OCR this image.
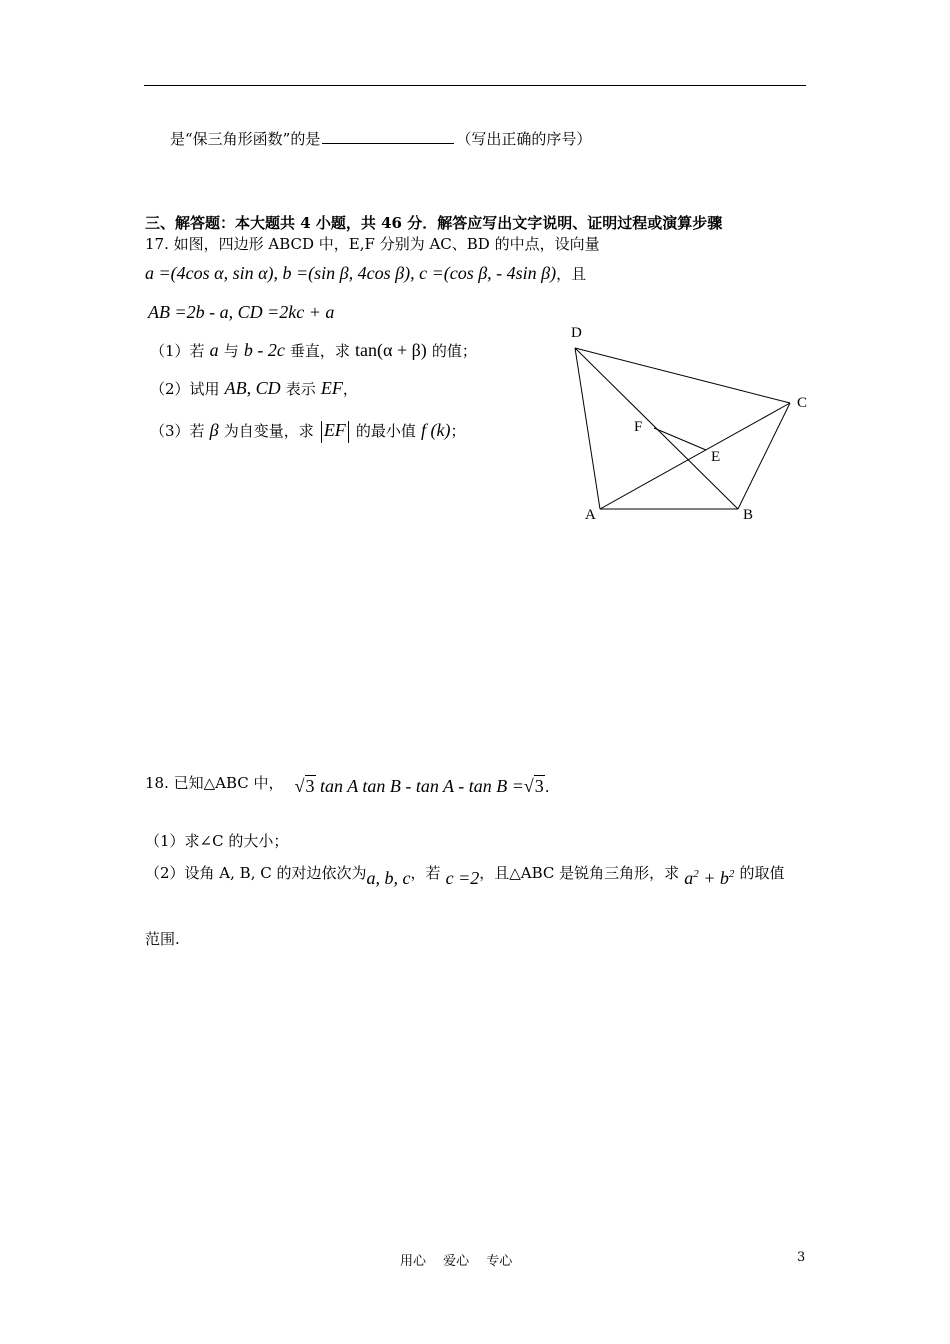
是“保三角形函数”的是	（写出正确的序号）
三、解答题：本大题共 4 小题，共 46 分．解答应写出文字说明、证明过程或演算步骤
17. 如图，四边形 ABCD 中，E,F 分别为 AC、BD 的中点，设向量
a =(4cos α, sin α), b =(sin β, 4cos β), c =(cos β, - 4sin β)，且
AB =2b - a, CD =2kc + a
（1）若 a 与 b - 2c 垂直，求 tan(α + β) 的值；
（2）试用 AB, CD 表示 EF，
（3）若 β 为自变量，求 EF 的最小值 f (k)；
D
C
F
E
A	B
18. 已知△ABC 中， √3 tan A tan B - tan A - tan B =√3.
（1）求∠C 的大小；
（2）设角 A, B, C 的对边依次为a, b, c，若 c =2，且△ABC 是锐角三角形，求 $a^2 + b^2$ 的取值
范围.
用心　 爱心　 专心	3
